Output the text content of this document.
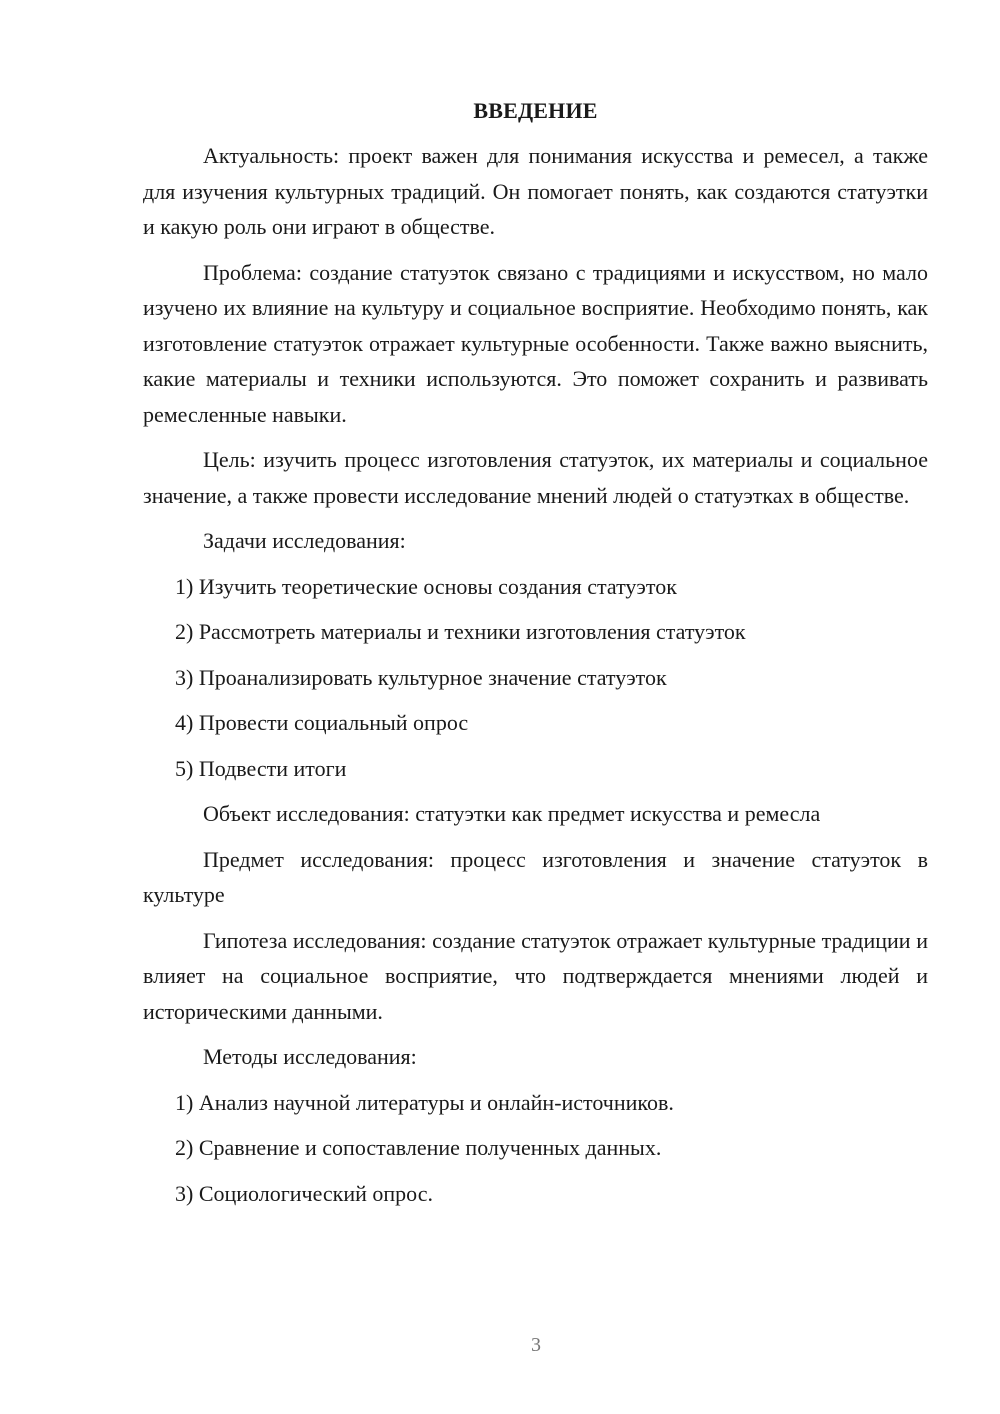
ВВЕДЕНИЕ

Актуальность: проект важен для понимания искусства и ремесел, а также для изучения культурных традиций. Он помогает понять, как создаются статуэтки и какую роль они играют в обществе.

Проблема: создание статуэток связано с традициями и искусством, но мало изучено их влияние на культуру и социальное восприятие. Необходимо понять, как изготовление статуэток отражает культурные особенности. Также важно выяснить, какие материалы и техники используются. Это поможет сохранить и развивать ремесленные навыки.

Цель: изучить процесс изготовления статуэток, их материалы и социальное значение, а также провести исследование мнений людей о статуэтках в обществе.

Задачи исследования:

1) Изучить теоретические основы создания статуэток

2) Рассмотреть материалы и техники изготовления статуэток

3) Проанализировать культурное значение статуэток

4) Провести социальный опрос

5) Подвести итоги

Объект исследования: статуэтки как предмет искусства и ремесла

Предмет исследования: процесс изготовления и значение статуэток в культуре

Гипотеза исследования: создание статуэток отражает культурные традиции и влияет на социальное восприятие, что подтверждается мнениями людей и историческими данными.

Методы исследования:

1) Анализ научной литературы и онлайн-источников.

2) Сравнение и сопоставление полученных данных.

3) Социологический опрос.

3
